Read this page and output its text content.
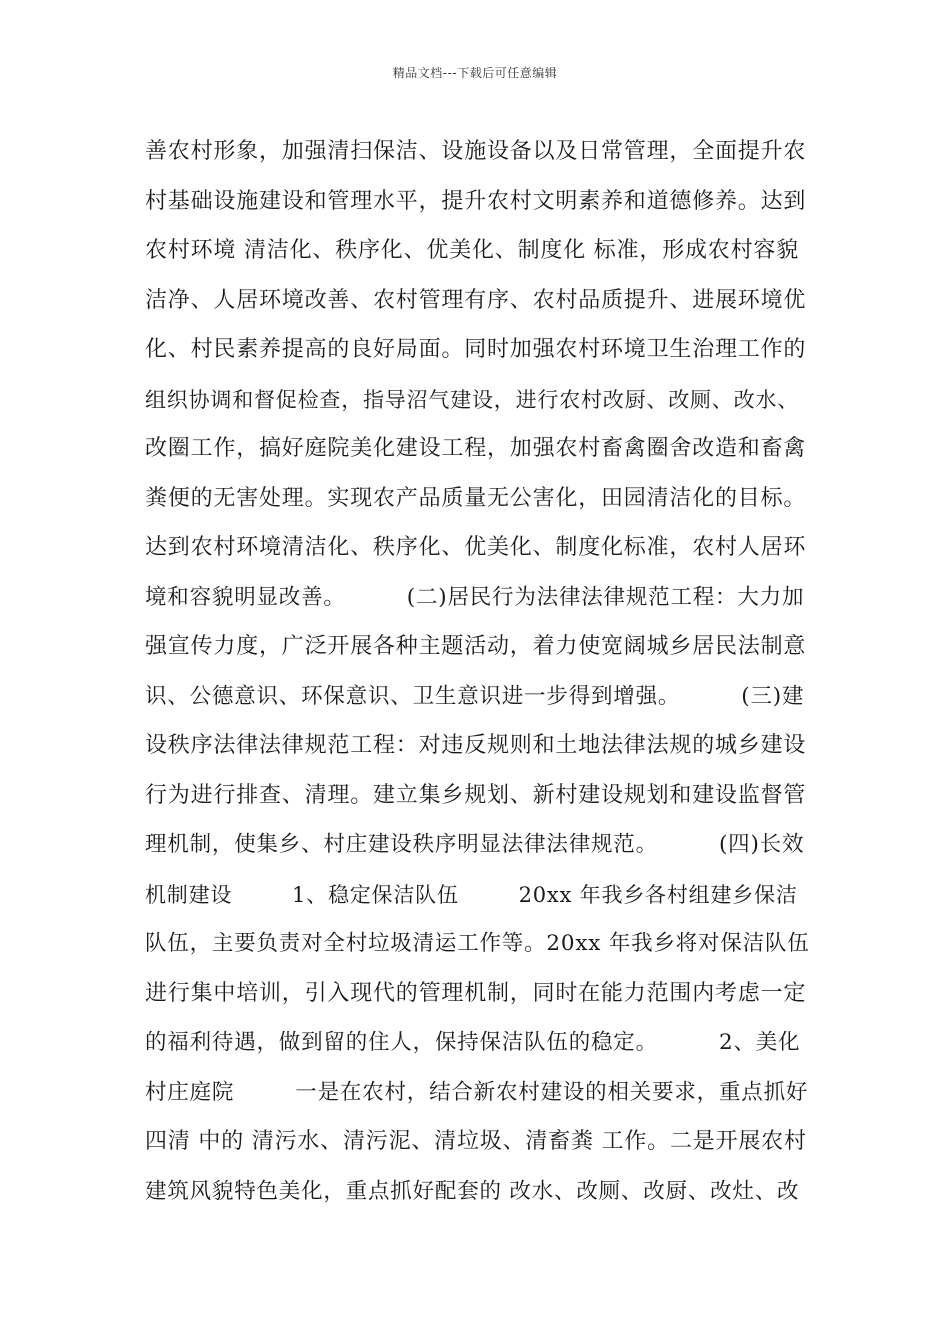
精品文档---下载后可任意编辑
善农村形象，加强清扫保洁、设施设备以及日常管理，全面提升农
村基础设施建设和管理水平，提升农村文明素养和道德修养。达到
农村环境 清洁化、秩序化、优美化、制度化 标准，形成农村容貌
洁净、人居环境改善、农村管理有序、农村品质提升、进展环境优
化、村民素养提高的良好局面。同时加强农村环境卫生治理工作的
组织协调和督促检查，指导沼气建设，进行农村改厨、改厕、改水、
改圈工作，搞好庭院美化建设工程，加强农村畜禽圈舍改造和畜禽
粪便的无害处理。实现农产品质量无公害化，田园清洁化的目标。
达到农村环境清洁化、秩序化、优美化、制度化标准，农村人居环
境和容貌明显改善。        (二)居民行为法律法律规范工程：大力加
强宣传力度，广泛开展各种主题活动，着力使宽阔城乡居民法制意
识、公德意识、环保意识、卫生意识进一步得到增强。        (三)建
设秩序法律法律规范工程：对违反规则和土地法律法规的城乡建设
行为进行排查、清理。建立集乡规划、新村建设规划和建设监督管
理机制，使集乡、村庄建设秩序明显法律法律规范。        (四)长效
机制建设        1、稳定保洁队伍        20xx 年我乡各村组建乡保洁
队伍，主要负责对全村垃圾清运工作等。20xx 年我乡将对保洁队伍
进行集中培训，引入现代的管理机制，同时在能力范围内考虑一定
的福利待遇，做到留的住人，保持保洁队伍的稳定。        2、美化
村庄庭院        一是在农村，结合新农村建设的相关要求，重点抓好
四清 中的 清污水、清污泥、清垃圾、清畜粪 工作。二是开展农村
建筑风貌特色美化，重点抓好配套的 改水、改厕、改厨、改灶、改
